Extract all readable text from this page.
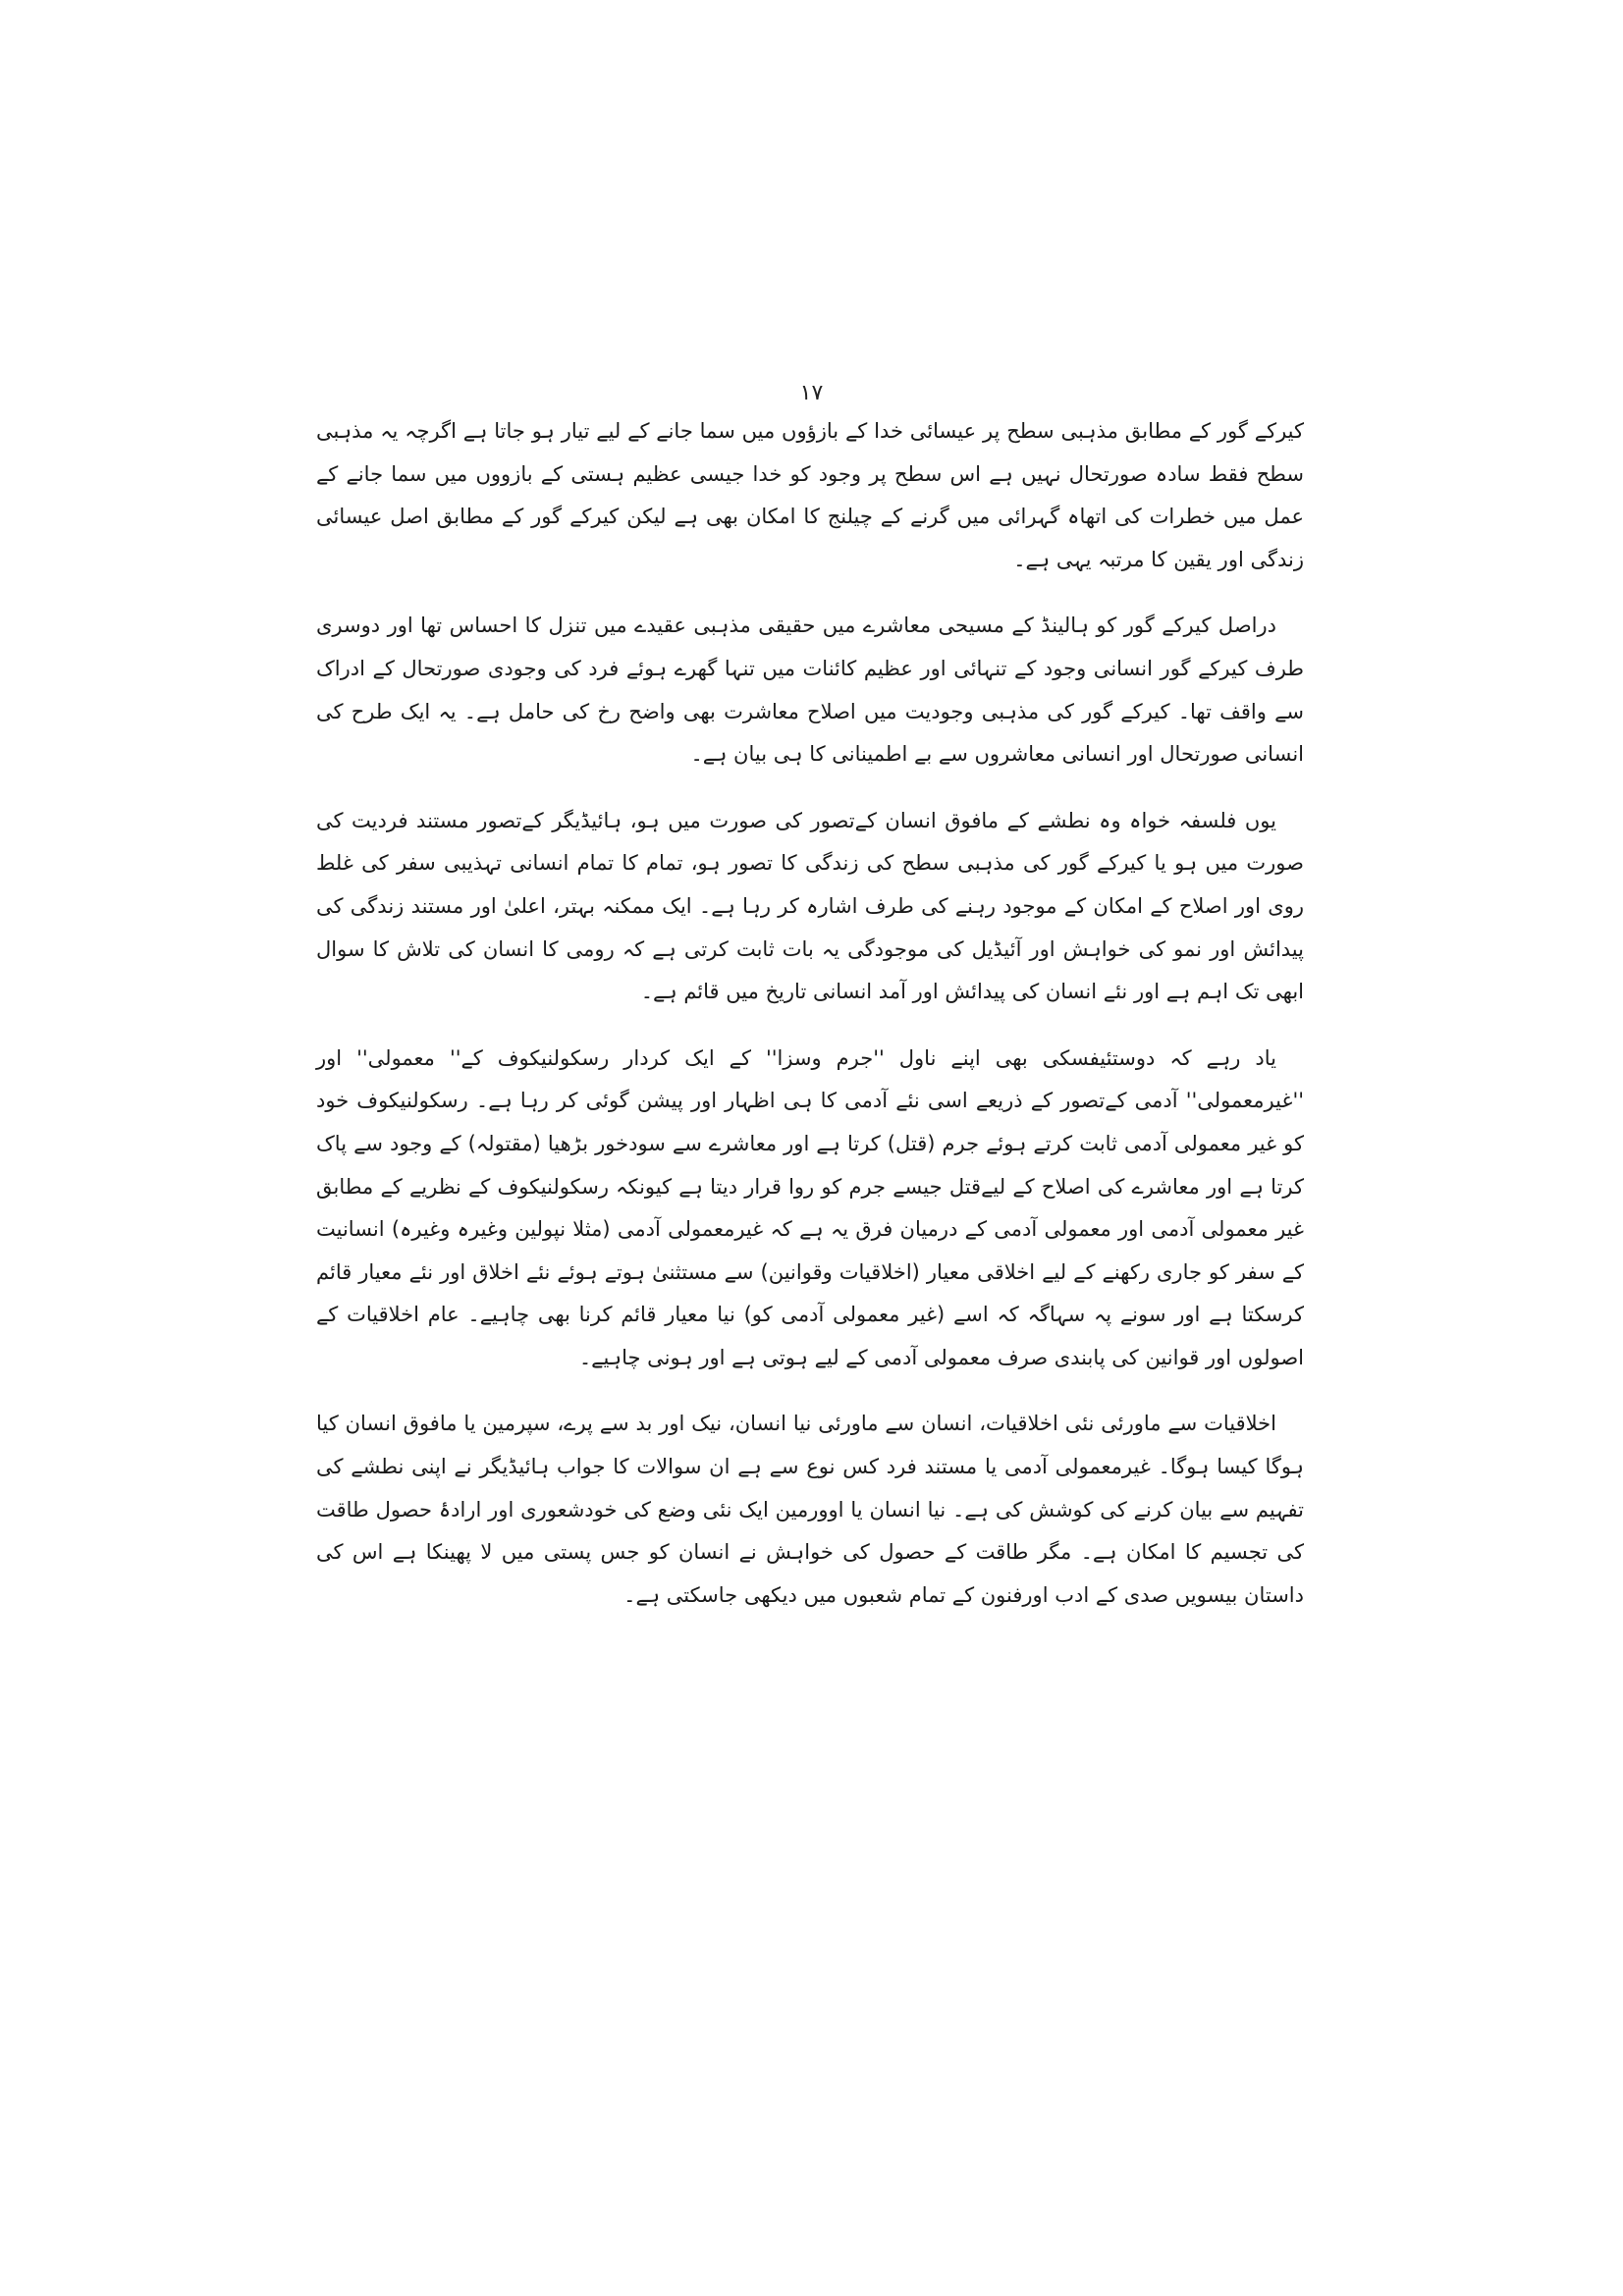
۱۷

کیرکے گور کے مطابق مذہبی سطح پر عیسائی خدا کے بازؤوں میں سما جانے کے لیے تیار ہو جاتا ہے اگرچہ یہ مذہبی سطح فقط سادہ صورتحال نہیں ہے اس سطح پر وجود کو خدا جیسی عظیم ہستی کے بازووں میں سما جانے کے عمل میں خطرات کی اتھاہ گہرائی میں گرنے کے چیلنج کا امکان بھی ہے لیکن کیرکے گور کے مطابق اصل عیسائی زندگی اور یقین کا مرتبہ یہی ہے۔

دراصل کیرکے گور کو ہالینڈ کے مسیحی معاشرے میں حقیقی مذہبی عقیدے میں تنزل کا احساس تھا اور دوسری طرف کیرکے گور انسانی وجود کے تنہائی اور عظیم کائنات میں تنہا گھرے ہوئے فرد کی وجودی صورتحال کے ادراک سے واقف تھا۔ کیرکے گور کی مذہبی وجودیت میں اصلاح معاشرت بھی واضح رخ کی حامل ہے۔ یہ ایک طرح کی انسانی صورتحال اور انسانی معاشروں سے بے اطمینانی کا ہی بیان ہے۔

یوں فلسفہ خواہ وہ نطشے کے مافوق انسان کےتصور کی صورت میں ہو، ہائیڈیگر کےتصور مستند فردیت کی صورت میں ہو یا کیرکے گور کی مذہبی سطح کی زندگی کا تصور ہو، تمام کا تمام انسانی تہذیبی سفر کی غلط روی اور اصلاح کے امکان کے موجود رہنے کی طرف اشارہ کر رہا ہے۔ ایک ممکنہ بہتر، اعلیٰ اور مستند زندگی کی پیدائش اور نمو کی خواہش اور آئیڈیل کی موجودگی یہ بات ثابت کرتی ہے کہ رومی کا انسان کی تلاش کا سوال ابھی تک اہم ہے اور نئے انسان کی پیدائش اور آمد انسانی تاریخ میں قائم ہے۔

یاد رہے کہ دوستئیفسکی بھی اپنے ناول ''جرم وسزا'' کے ایک کردار رسکولنیکوف کے'' معمولی'' اور ''غیرمعمولی'' آدمی کےتصور کے ذریعے اسی نئے آدمی کا ہی اظہار اور پیشن گوئی کر رہا ہے۔ رسکولنیکوف خود کو غیر معمولی آدمی ثابت کرتے ہوئے جرم (قتل) کرتا ہے اور معاشرے سے سودخور بڑھیا (مقتولہ) کے وجود سے پاک کرتا ہے اور معاشرے کی اصلاح کے لیےقتل جیسے جرم کو روا قرار دیتا ہے کیونکہ رسکولنیکوف کے نظریے کے مطابق غیر معمولی آدمی اور معمولی آدمی کے درمیان فرق یہ ہے کہ غیرمعمولی آدمی (مثلا نپولین وغیرہ وغیرہ) انسانیت کے سفر کو جاری رکھنے کے لیے اخلاقی معیار (اخلاقیات وقوانین) سے مستثنیٰ ہوتے ہوئے نئے اخلاق اور نئے معیار قائم کرسکتا ہے اور سونے پہ سہاگہ کہ اسے (غیر معمولی آدمی کو) نیا معیار قائم کرنا بھی چاہیے۔ عام اخلاقیات کے اصولوں اور قوانین کی پابندی صرف معمولی آدمی کے لیے ہوتی ہے اور ہونی چاہیے۔

اخلاقیات سے ماورئی نئی اخلاقیات، انسان سے ماورئی نیا انسان، نیک اور بد سے پرے، سپرمین یا مافوق انسان کیا ہوگا کیسا ہوگا۔ غیرمعمولی آدمی یا مستند فرد کس نوع سے ہے ان سوالات کا جواب ہائیڈیگر نے اپنی نطشے کی تفہیم سے بیان کرنے کی کوشش کی ہے۔ نیا انسان یا اوورمین ایک نئی وضع کی خودشعوری اور ارادۂ حصول طاقت کی تجسیم کا امکان ہے۔ مگر طاقت کے حصول کی خواہش نے انسان کو جس پستی میں لا پھینکا ہے اس کی داستان بیسویں صدی کے ادب اورفنون کے تمام شعبوں میں دیکھی جاسکتی ہے۔
